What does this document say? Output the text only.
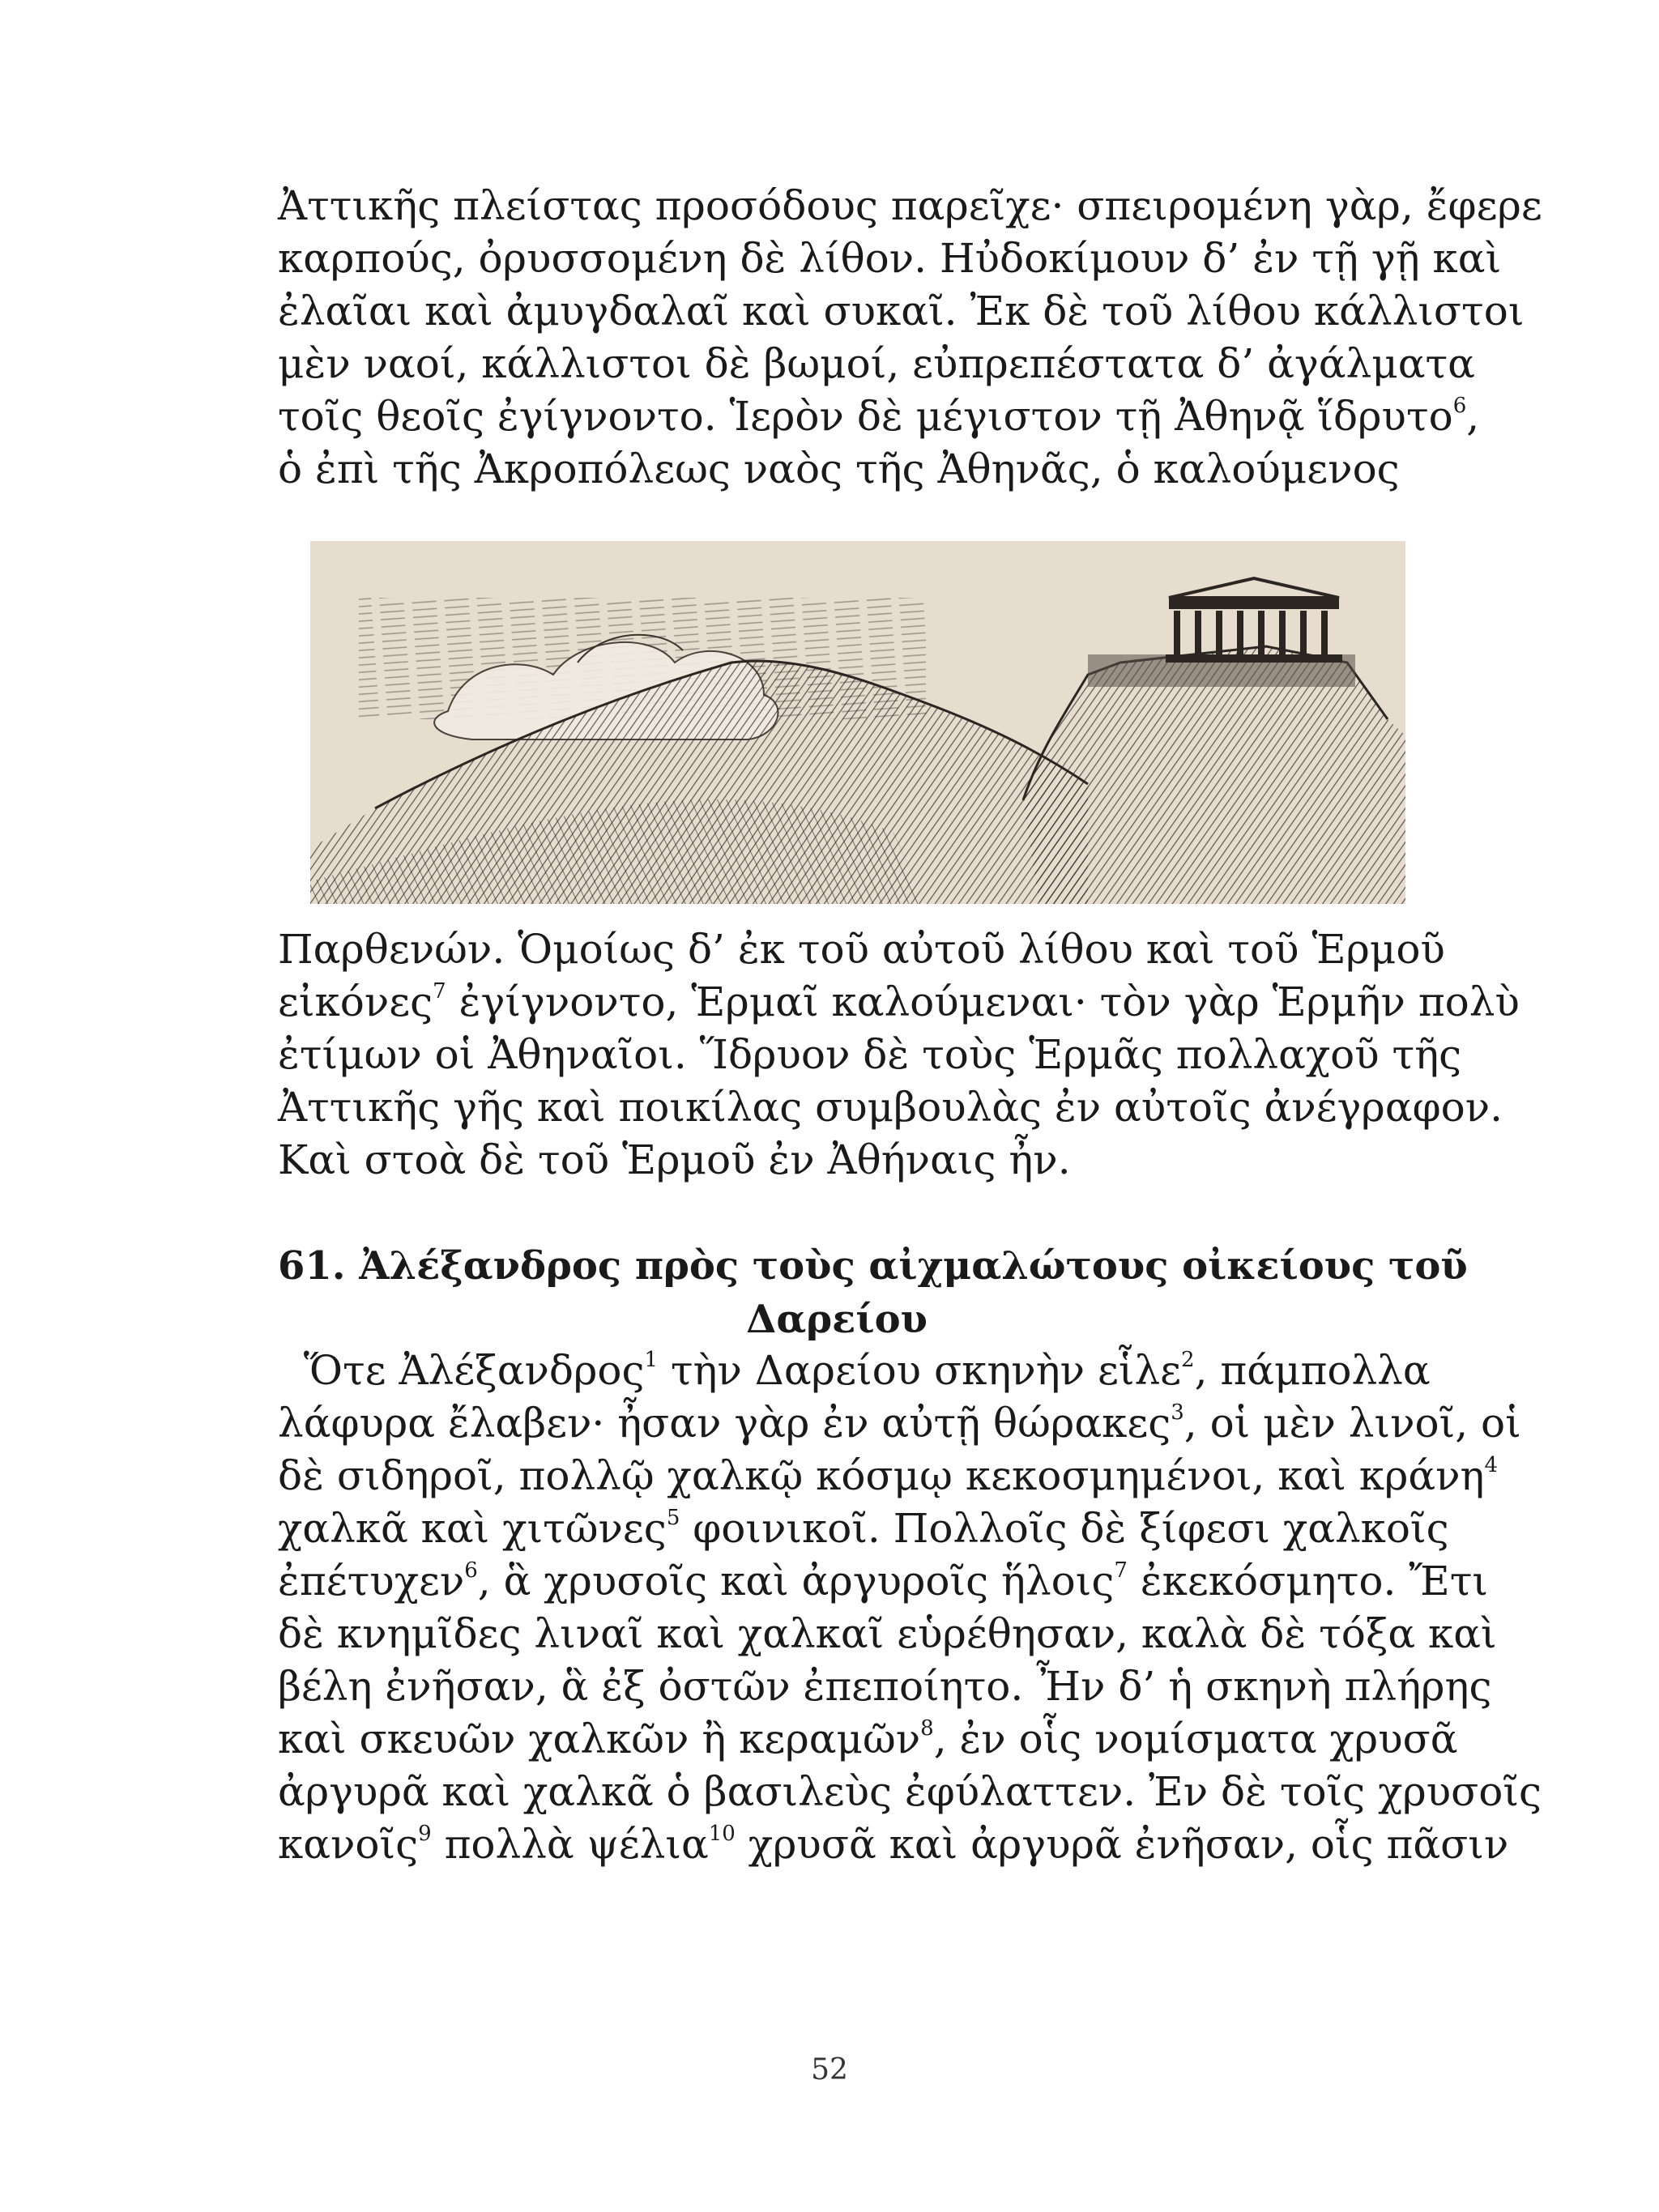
Ἀττικῆς πλείστας προσόδους παρεῖχε· σπειρομένη γὰρ, ἔφερε
καρπούς, ὀρυσσομένη δὲ λίθον. Ηὐδοκίμουν δ’ ἐν τῇ γῇ καὶ
ἐλαῖαι καὶ ἀμυγδαλαῖ καὶ συκαῖ. Ἐκ δὲ τοῦ λίθου κάλλιστοι
μὲν ναοί, κάλλιστοι δὲ βωμοί, εὐπρεπέστατα δ’ ἀγάλματα
τοῖς θεοῖς ἐγίγνοντο. Ἱερὸν δὲ μέγιστον τῇ Ἀθηνᾷ ἵδρυτο$^6$,
ὁ ἐπὶ τῆς Ἀκροπόλεως ναὸς τῆς Ἀθηνᾶς, ὁ καλούμενος
Παρθενών. Ὁμοίως δ’ ἐκ τοῦ αὐτοῦ λίθου καὶ τοῦ Ἑρμοῦ
εἰκόνες$^7$ ἐγίγνοντο, Ἑρμαῖ καλούμεναι· τὸν γὰρ Ἑρμῆν πολὺ
ἐτίμων οἱ Ἀθηναῖοι. Ἵδρυον δὲ τοὺς Ἑρμᾶς πολλαχοῦ τῆς
Ἀττικῆς γῆς καὶ ποικίλας συμβουλὰς ἐν αὐτοῖς ἀνέγραφον.
Καὶ στοὰ δὲ τοῦ Ἑρμοῦ ἐν Ἀθήναις ἦν.
61. Ἀλέξανδρος πρὸς τοὺς αἰχμαλώτους οἰκείους τοῦ
Δαρείου
Ὅτε Ἀλέξανδρος$^1$ τὴν Δαρείου σκηνὴν εἷλε$^2$, πάμπολλα
λάφυρα ἔλαβεν· ἦσαν γὰρ ἐν αὐτῇ θώρακες$^3$, οἱ μὲν λινοῖ, οἱ
δὲ σιδηροῖ, πολλῷ χαλκῷ κόσμῳ κεκοσμημένοι, καὶ κράνη$^4$
χαλκᾶ καὶ χιτῶνες$^5$ φοινικοῖ. Πολλοῖς δὲ ξίφεσι χαλκοῖς
ἐπέτυχεν$^6$, ἃ χρυσοῖς καὶ ἀργυροῖς ἥλοις$^7$ ἐκεκόσμητο. Ἔτι
δὲ κνημῖδες λιναῖ καὶ χαλκαῖ εὑρέθησαν, καλὰ δὲ τόξα καὶ
βέλη ἐνῆσαν, ἃ ἐξ ὀστῶν ἐπεποίητο. Ἦν δ’ ἡ σκηνὴ πλήρης
καὶ σκευῶν χαλκῶν ἢ κεραμῶν$^8$, ἐν οἷς νομίσματα χρυσᾶ
ἀργυρᾶ καὶ χαλκᾶ ὁ βασιλεὺς ἐφύλαττεν. Ἐν δὲ τοῖς χρυσοῖς
κανοῖς$^9$ πολλὰ ψέλια$^{10}$ χρυσᾶ καὶ ἀργυρᾶ ἐνῆσαν, οἷς πᾶσιν
52
